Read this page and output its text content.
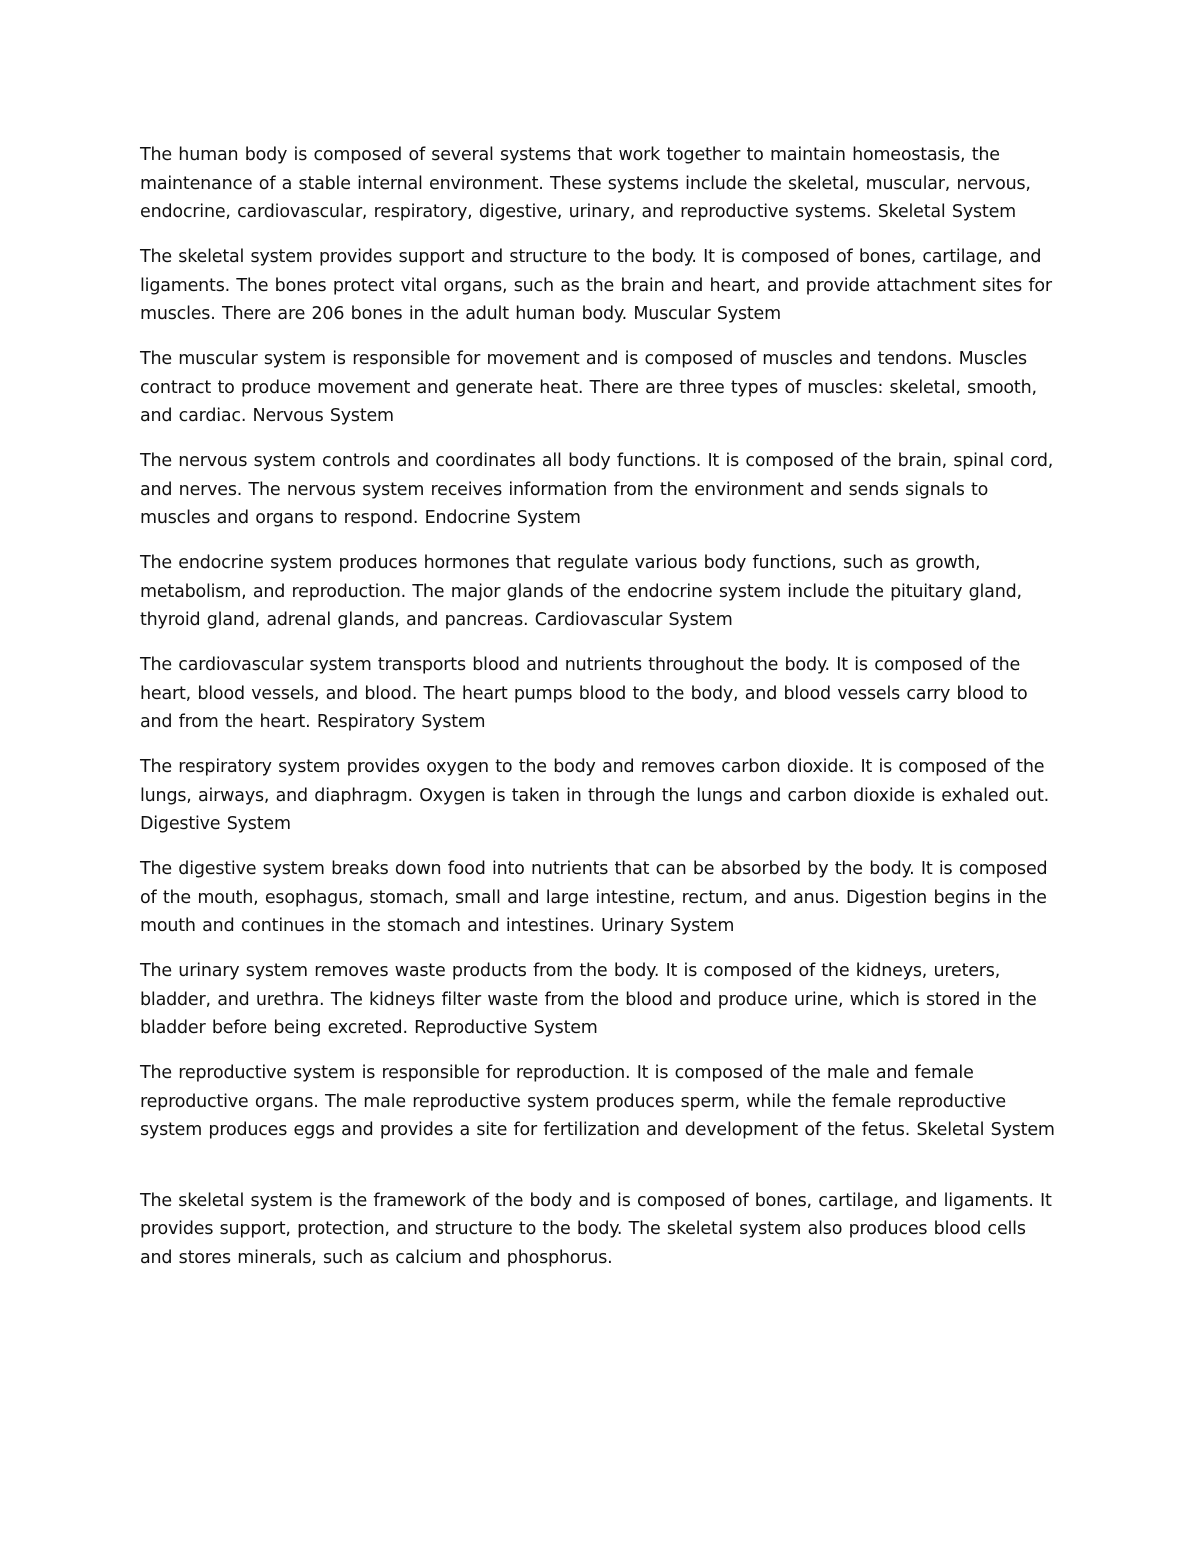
The human body is composed of several systems that work together to maintain homeostasis, the maintenance of a stable internal environment. These systems include the skeletal, muscular, nervous, endocrine, cardiovascular, respiratory, digestive, urinary, and reproductive systems. Skeletal System

The skeletal system provides support and structure to the body. It is composed of bones, cartilage, and ligaments. The bones protect vital organs, such as the brain and heart, and provide attachment sites for muscles. There are 206 bones in the adult human body. Muscular System

The muscular system is responsible for movement and is composed of muscles and tendons. Muscles contract to produce movement and generate heat. There are three types of muscles: skeletal, smooth, and cardiac. Nervous System

The nervous system controls and coordinates all body functions. It is composed of the brain, spinal cord, and nerves. The nervous system receives information from the environment and sends signals to muscles and organs to respond. Endocrine System

The endocrine system produces hormones that regulate various body functions, such as growth, metabolism, and reproduction. The major glands of the endocrine system include the pituitary gland, thyroid gland, adrenal glands, and pancreas. Cardiovascular System

The cardiovascular system transports blood and nutrients throughout the body. It is composed of the heart, blood vessels, and blood. The heart pumps blood to the body, and blood vessels carry blood to and from the heart. Respiratory System

The respiratory system provides oxygen to the body and removes carbon dioxide. It is composed of the lungs, airways, and diaphragm. Oxygen is taken in through the lungs and carbon dioxide is exhaled out. Digestive System

The digestive system breaks down food into nutrients that can be absorbed by the body. It is composed of the mouth, esophagus, stomach, small and large intestine, rectum, and anus. Digestion begins in the mouth and continues in the stomach and intestines. Urinary System

The urinary system removes waste products from the body. It is composed of the kidneys, ureters, bladder, and urethra. The kidneys filter waste from the blood and produce urine, which is stored in the bladder before being excreted. Reproductive System

The reproductive system is responsible for reproduction. It is composed of the male and female reproductive organs. The male reproductive system produces sperm, while the female reproductive system produces eggs and provides a site for fertilization and development of the fetus. Skeletal System

The skeletal system is the framework of the body and is composed of bones, cartilage, and ligaments. It provides support, protection, and structure to the body. The skeletal system also produces blood cells and stores minerals, such as calcium and phosphorus.
